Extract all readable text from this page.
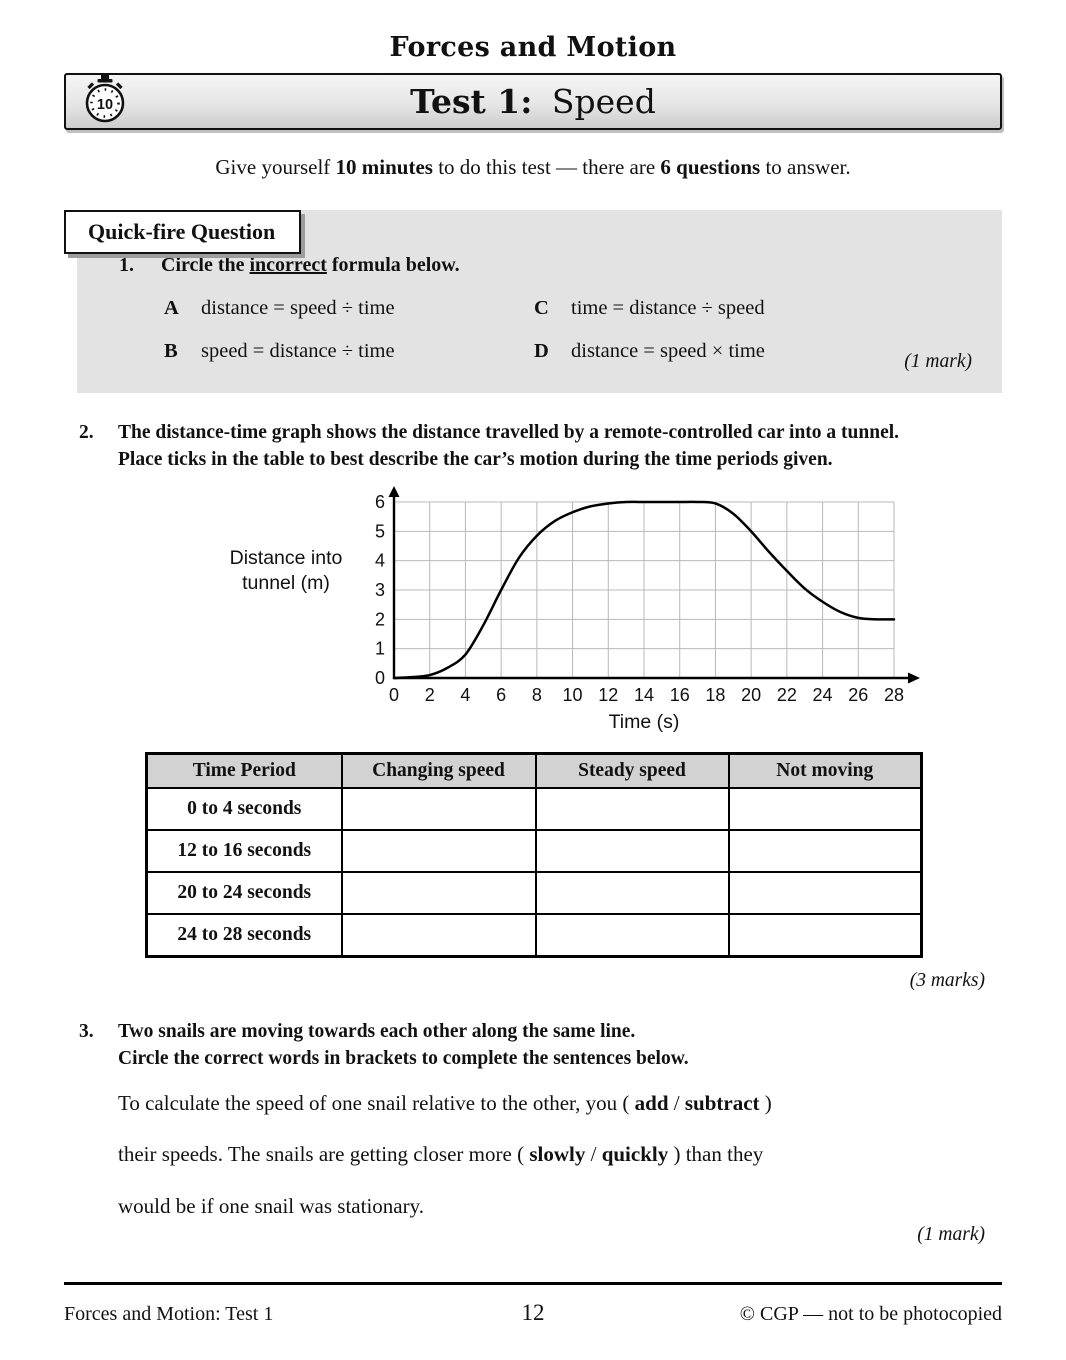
Forces and Motion
10	Test 1: Speed

Give yourself 10 minutes to do this test — there are 6 questions to answer.

Quick-fire Question
1. Circle the incorrect formula below.
A distance = speed ÷ time	C time = distance ÷ speed
B speed = distance ÷ time	D distance = speed × time	(1 mark)
2.	The distance-time graph shows the distance travelled by a remote-controlled car into a tunnel.
Place ticks in the table to best describe the car’s motion during the time periods given.
Distance into
tunnel (m)
0 2 4 6 8 10 12 14 16 18 20 22 24 26 28
0
1
2
3
4
5
6
Time (s)
Time Period	Changing speed	Steady speed	Not moving
0 to 4 seconds			
12 to 16 seconds			
20 to 24 seconds			
24 to 28 seconds			
(3 marks)
3.	Two snails are moving towards each other along the same line.
Circle the correct words in brackets to complete the sentences below.
To calculate the speed of one snail relative to the other, you ( add / subtract )
their speeds. The snails are getting closer more ( slowly / quickly ) than they
would be if one snail was stationary.
(1 mark)
Forces and Motion: Test 1	12	© CGP — not to be photocopied
